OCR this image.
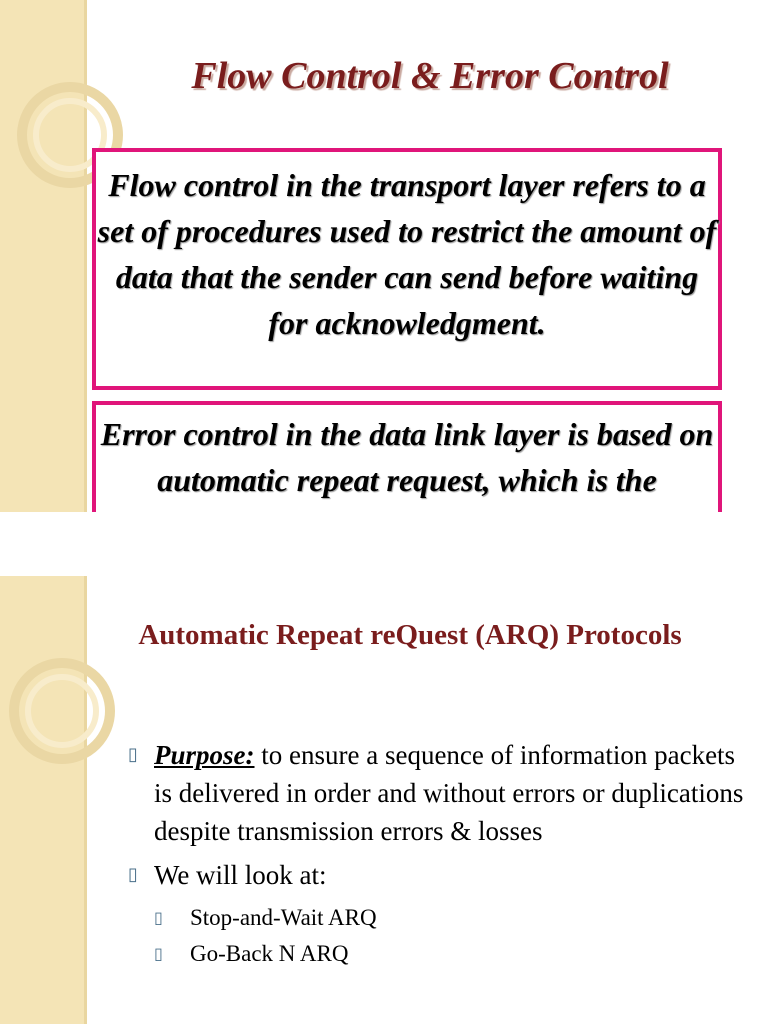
Flow Control & Error Control

Flow control in the transport layer refers to a set of procedures used to restrict the amount of data that the sender can send before waiting for acknowledgment.

Error control in the data link layer is based on automatic repeat request, which is the

Automatic Repeat reQuest (ARQ) Protocols
▯ Purpose: to ensure a sequence of information packets is delivered in order and without errors or duplications despite transmission errors & losses
▯ We will look at:
▯ Stop-and-Wait ARQ
▯ Go-Back N ARQ
